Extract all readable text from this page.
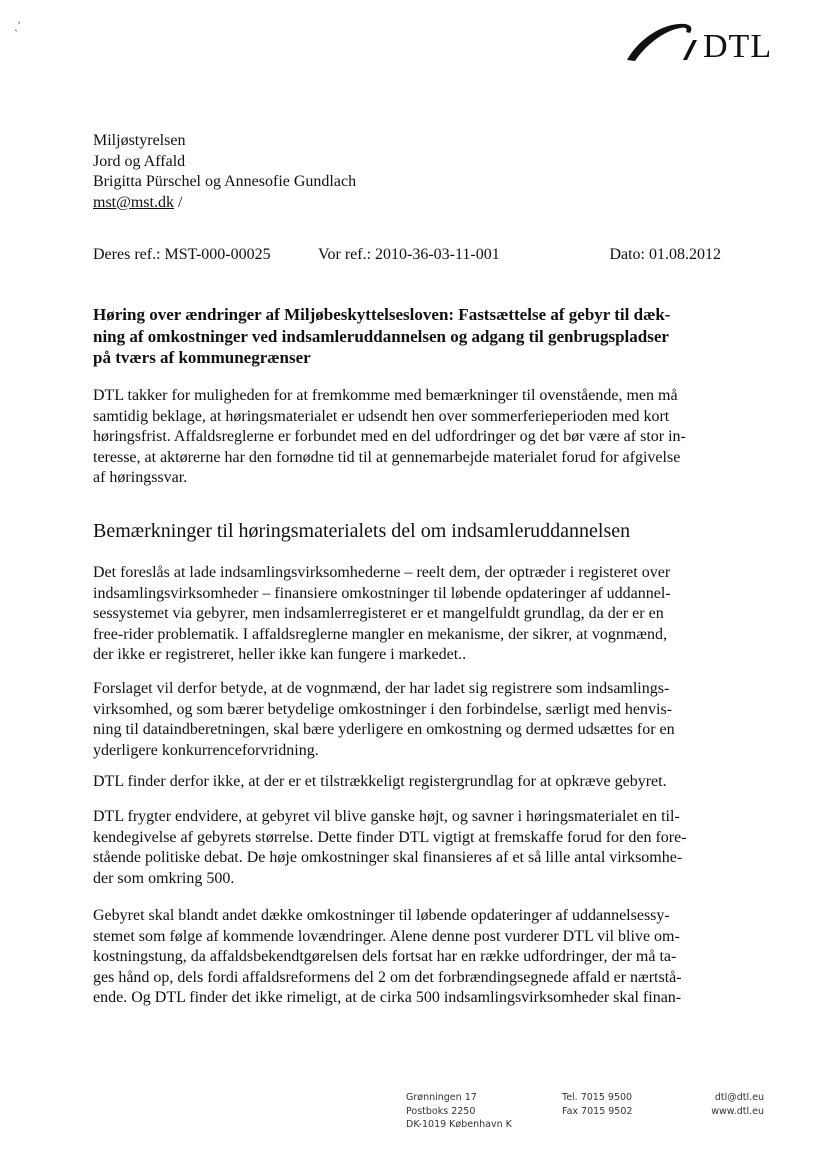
ˏ'
DTL
Miljøstyrelsen
Jord og Affald
Brigitta Pürschel og Annesofie Gundlach
mst@mst.dk /
Deres ref.: MST-000-00025	Vor ref.: 2010-36-03-11-001	Dato: 01.08.2012
Høring over ændringer af Miljøbeskyttelsesloven: Fastsættelse af gebyr til dæk-
ning af omkostninger ved indsamleruddannelsen og adgang til genbrugspladser
på tværs af kommunegrænser

DTL takker for muligheden for at fremkomme med bemærkninger til ovenstående, men må
samtidig beklage, at høringsmaterialet er udsendt hen over sommerferieperioden med kort
høringsfrist. Affaldsreglerne er forbundet med en del udfordringer og det bør være af stor in-
teresse, at aktørerne har den fornødne tid til at gennemarbejde materialet forud for afgivelse
af høringssvar.

Bemærkninger til høringsmaterialets del om indsamleruddannelsen

Det foreslås at lade indsamlingsvirksomhederne – reelt dem, der optræder i registeret over
indsamlingsvirksomheder – finansiere omkostninger til løbende opdateringer af uddannel-
sessystemet via gebyrer, men indsamlerregisteret er et mangelfuldt grundlag, da der er en
free-rider problematik. I affaldsreglerne mangler en mekanisme, der sikrer, at vognmænd,
der ikke er registreret, heller ikke kan fungere i markedet..

Forslaget vil derfor betyde, at de vognmænd, der har ladet sig registrere som indsamlings-
virksomhed, og som bærer betydelige omkostninger i den forbindelse, særligt med henvis-
ning til dataindberetningen, skal bære yderligere en omkostning og dermed udsættes for en
yderligere konkurrenceforvridning.

DTL finder derfor ikke, at der er et tilstrækkeligt registergrundlag for at opkræve gebyret.

DTL frygter endvidere, at gebyret vil blive ganske højt, og savner i høringsmaterialet en til-
kendegivelse af gebyrets størrelse. Dette finder DTL vigtigt at fremskaffe forud for den fore-
stående politiske debat. De høje omkostninger skal finansieres af et så lille antal virksomhe-
der som omkring 500.

Gebyret skal blandt andet dække omkostninger til løbende opdateringer af uddannelsessy-
stemet som følge af kommende lovændringer. Alene denne post vurderer DTL vil blive om-
kostningstung, da affaldsbekendtgørelsen dels fortsat har en række udfordringer, der må ta-
ges hånd op, dels fordi affaldsreformens del 2 om det forbrændingsegnede affald er nærtstå-
ende. Og DTL finder det ikke rimeligt, at de cirka 500 indsamlingsvirksomheder skal finan-

Grønningen 17
Postboks 2250
DK-1019 København K
Tel. 7015 9500
Fax 7015 9502
dtl@dtl.eu
www.dtl.eu
